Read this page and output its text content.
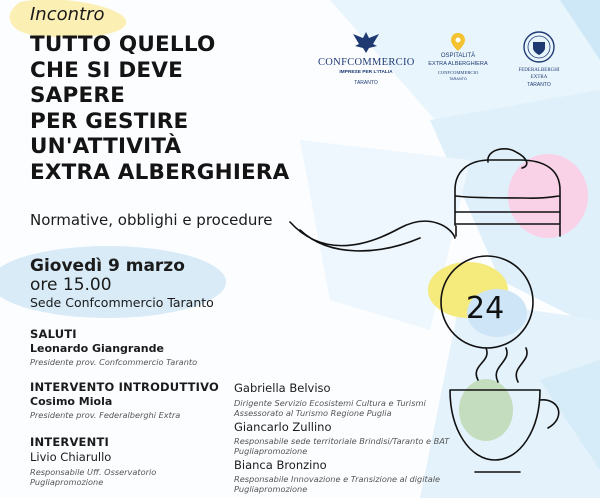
24
CONFCOMMERCIO
IMPRESE PER L'ITALIA
TARANTO
OSPITALITÀ
EXTRA ALBERGHIERA
CONFCOMMERCIO
TARANTO
FEDERALBERGHI
EXTRA
TARANTO
Incontro
TUTTO QUELLO
CHE SI DEVE
SAPERE
PER GESTIRE
UN'ATTIVITÀ
EXTRA ALBERGHIERA
Normative, obblighi e procedure
Giovedì 9 marzo
ore 15.00
Sede Confcommercio Taranto
SALUTI
Leonardo Giangrande
Presidente prov. Confcommercio Taranto
INTERVENTO INTRODUTTIVO
Cosimo Miola
Presidente prov. Federalberghi Extra
INTERVENTI
Livio Chiarullo
Responsabile Uff. Osservatorio
Pugliapromozione
Gabriella Belviso
Dirigente Servizio Ecosistemi Cultura e Turismi
Assessorato al Turismo Regione Puglia
Giancarlo Zullino
Responsabile sede territoriale Brindisi/Taranto e BAT
Pugliapromozione
Bianca Bronzino
Responsabile Innovazione e Transizione al digitale
Pugliapromozione
